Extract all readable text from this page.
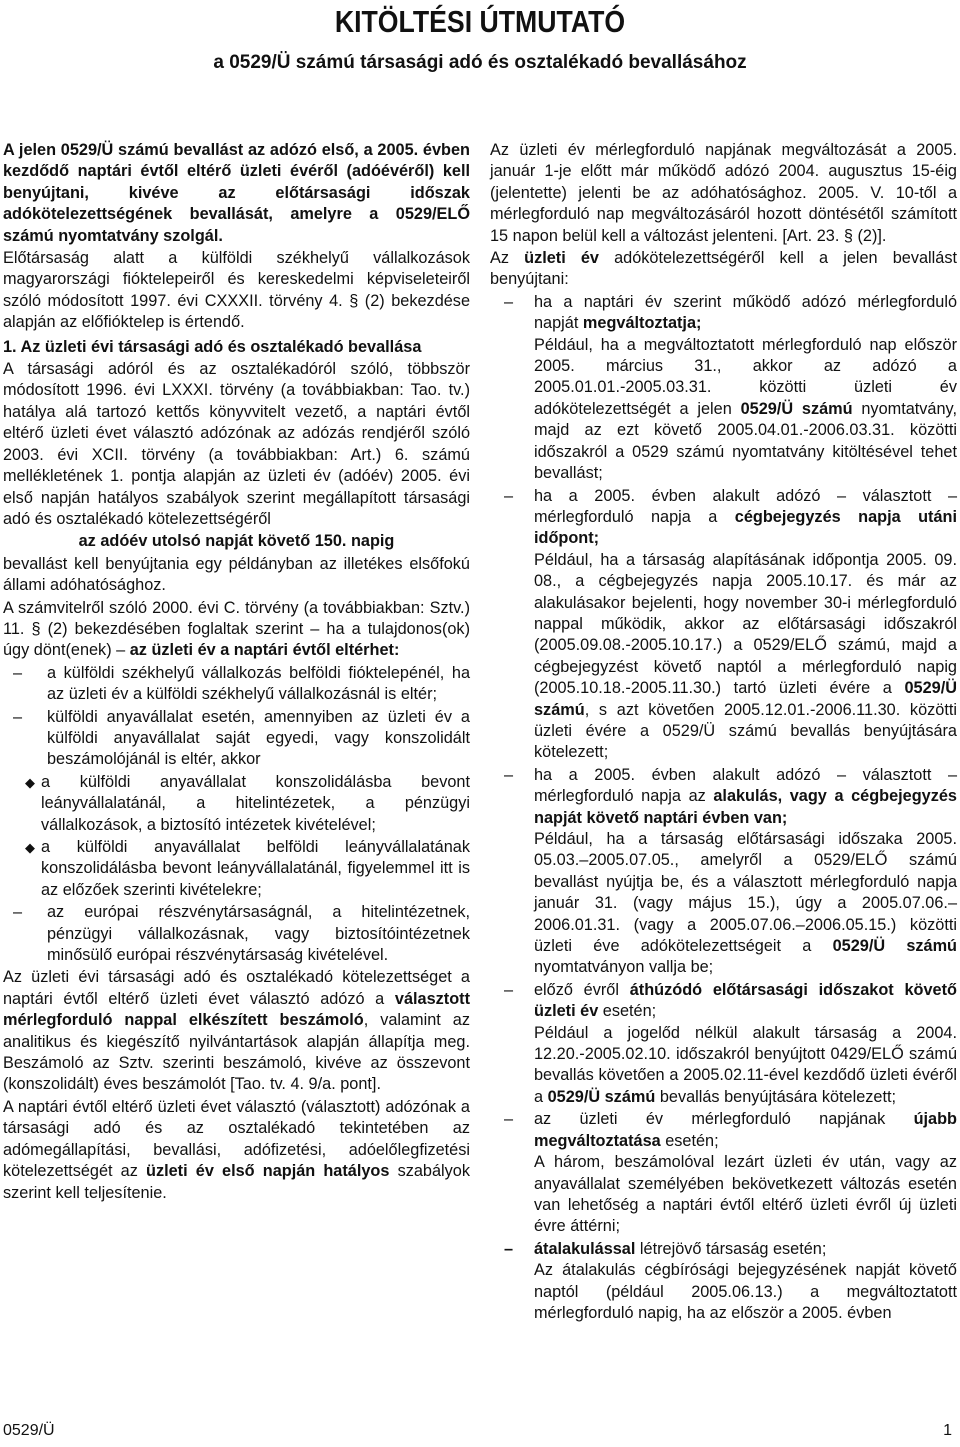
KITÖLTÉSI ÚTMUTATÓ
a 0529/Ü számú társasági adó és osztalékadó bevallásához

A jelen 0529/Ü számú bevallást az adózó első, a 2005. évben kezdődő naptári évtől eltérő üzleti évéről (adóévéről) kell benyújtani, kivéve az előtársasági időszak adókötelezettségének bevallását, amelyre a 0529/ELŐ számú nyomtatvány szolgál.

Előtársaság alatt a külföldi székhelyű vállalkozások magyarországi fióktelepeiről és kereskedelmi képviseleteiről szóló módosított 1997. évi CXXXII. törvény 4. § (2) bekezdése alapján az előfióktelep is értendő.

1. Az üzleti évi társasági adó és osztalékadó bevallása

A társasági adóról és az osztalékadóról szóló, többször módosított 1996. évi LXXXI. törvény (a továbbiakban: Tao. tv.) hatálya alá tartozó kettős könyvvitelt vezető, a naptári évtől eltérő üzleti évet választó adózónak az adózás rendjéről szóló 2003. évi XCII. törvény (a továbbiakban: Art.) 6. számú mellékletének 1. pontja alapján az üzleti év (adóév) 2005. évi első napján hatályos szabályok szerint megállapított társasági adó és osztalékadó kötelezettségéről

az adóév utolsó napját követő 150. napig

bevallást kell benyújtania egy példányban az illetékes elsőfokú állami adóhatósághoz.

A számvitelről szóló 2000. évi C. törvény (a továbbiakban: Sztv.) 11. § (2) bekezdésében foglaltak szerint – ha a tulajdonos(ok) úgy dönt(enek) – az üzleti év a naptári évtől eltérhet:

– a külföldi székhelyű vállalkozás belföldi fióktelepénél, ha az üzleti év a külföldi székhelyű vállalkozásnál is eltér;

– külföldi anyavállalat esetén, amennyiben az üzleti év a külföldi anyavállalat saját egyedi, vagy konszolidált beszámolójánál is eltér, akkor

◆ a külföldi anyavállalat konszolidálásba bevont leányvállalatánál, a hitelintézetek, a pénzügyi vállalkozások, a biztosító intézetek kivételével;

◆ a külföldi anyavállalat belföldi leányvállalatának konszolidálásba bevont leányvállalatánál, figyelemmel itt is az előzőek szerinti kivételekre;

– az európai részvénytársaságnál, a hitelintézetnek, pénzügyi vállalkozásnak, vagy biztosítóintézetnek minősülő európai részvénytársaság kivételével.

Az üzleti évi társasági adó és osztalékadó kötelezettséget a naptári évtől eltérő üzleti évet választó adózó a választott mérlegforduló nappal elkészített beszámoló, valamint az analitikus és kiegészítő nyilvántartások alapján állapítja meg. Beszámoló az Sztv. szerinti beszámoló, kivéve az összevont (konszolidált) éves beszámolót [Tao. tv. 4. 9/a. pont].

A naptári évtől eltérő üzleti évet választó (választott) adózónak a társasági adó és az osztalékadó tekintetében az adómegállapítási, bevallási, adófizetési, adóelőlegfizetési kötelezettségét az üzleti év első napján hatályos szabályok szerint kell teljesítenie.

Az üzleti év mérlegforduló napjának megváltozását a 2005. január 1-je előtt már működő adózó 2004. augusztus 15-éig (jelentette) jelenti be az adóhatósághoz. 2005. V. 10-től a mérlegforduló nap megváltozásáról hozott döntésétől számított 15 napon belül kell a változást jelenteni. [Art. 23. § (2)].

Az üzleti év adókötelezettségéről kell a jelen bevallást benyújtani:

– ha a naptári év szerint működő adózó mérlegforduló napját megváltoztatja;
Például, ha a megváltoztatott mérlegforduló nap először 2005. március 31., akkor az adózó a 2005.01.01.-2005.03.31. közötti üzleti év adókötelezettségét a jelen 0529/Ü számú nyomtatvány, majd az ezt követő 2005.04.01.-2006.03.31. közötti időszakról a 0529 számú nyomtatvány kitöltésével tehet bevallást;

– ha a 2005. évben alakult adózó – választott – mérlegforduló napja a cégbejegyzés napja utáni időpont;
Például, ha a társaság alapításának időpontja 2005. 09. 08., a cégbejegyzés napja 2005.10.17. és már az alakulásakor bejelenti, hogy november 30-i mérlegforduló nappal működik, akkor az előtársasági időszakról (2005.09.08.-2005.10.17.) a 0529/ELŐ számú, majd a cégbejegyzést követő naptól a mérlegforduló napig (2005.10.18.-2005.11.30.) tartó üzleti évére a 0529/Ü számú, s azt követően 2005.12.01.-2006.11.30. közötti üzleti évére a 0529/Ü számú bevallás benyújtására kötelezett;

– ha a 2005. évben alakult adózó – választott – mérlegforduló napja az alakulás, vagy a cégbejegyzés napját követő naptári évben van;
Például, ha a társaság előtársasági időszaka 2005. 05.03.–2005.07.05., amelyről a 0529/ELŐ számú bevallást nyújtja be, és a választott mérlegforduló napja január 31. (vagy május 15.), úgy a 2005.07.06.–2006.01.31. (vagy a 2005.07.06.–2006.05.15.) közötti üzleti éve adókötelezettségeit a 0529/Ü számú nyomtatványon vallja be;

– előző évről áthúzódó előtársasági időszakot követő üzleti év esetén;
Például a jogelőd nélkül alakult társaság a 2004. 12.20.-2005.02.10. időszakról benyújtott 0429/ELŐ számú bevallás követően a 2005.02.11-ével kezdődő üzleti évéről a 0529/Ü számú bevallás benyújtására kötelezett;

– az üzleti év mérlegforduló napjának újabb megváltoztatása esetén;
A három, beszámolóval lezárt üzleti év után, vagy az anyavállalat személyében bekövetkezett változás esetén van lehetőség a naptári évtől eltérő üzleti évről új üzleti évre áttérni;

– átalakulással létrejövő társaság esetén;
Az átalakulás cégbírósági bejegyzésének napját követő naptól (például 2005.06.13.) a megváltoztatott mérlegforduló napig, ha az először a 2005. évben

0529/Ü	1
